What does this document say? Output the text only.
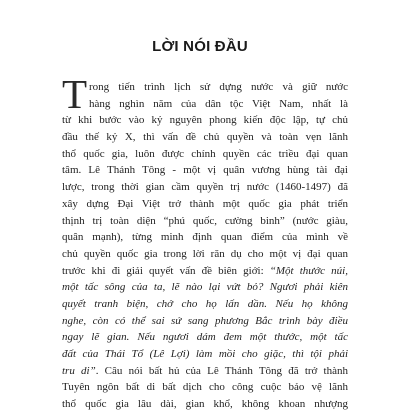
LỜI NÓI ĐẦU
T rong tiến trình lịch sử dựng nước và giữ nước
hàng nghìn năm của dân tộc Việt Nam, nhất là
từ khi bước vào kỷ nguyên phong kiến độc lập, tự chủ
đầu thế kỷ X, thì vấn đề chủ quyền và toàn vẹn lãnh
thổ quốc gia, luôn được chính quyền các triều đại quan
tâm. Lê Thánh Tông - một vị quân vương hùng tài đại
lược, trong thời gian cầm quyền trị nước (1460-1497) đã
xây dựng Đại Việt trở thành một quốc gia phát triển
thịnh trị toàn diện “phú quốc, cường binh” (nước giàu,
quân mạnh), từng minh định quan điểm của mình về
chủ quyền quốc gia trong lời răn dụ cho một vị đại quan
trước khi đi giải quyết vấn đề biên giới: “Một thước núi,
một tấc sông của ta, lẽ nào lại vứt bỏ? Ngươi phải kiên
quyết tranh biện, chớ cho họ lấn dần. Nếu họ không
nghe, còn có thể sai sứ sang phương Bắc trình bày điều
ngay lẽ gian. Nếu ngươi dám đem một thước, một tấc
đất của Thái Tổ (Lê Lợi) làm mồi cho giặc, thì tội phải
tru di”. Câu nói bất hủ của Lê Thánh Tông đã trở thành
Tuyên ngôn bất di bất dịch cho công cuộc bảo vệ lãnh
thổ quốc gia lâu dài, gian khổ, không khoan nhượng
